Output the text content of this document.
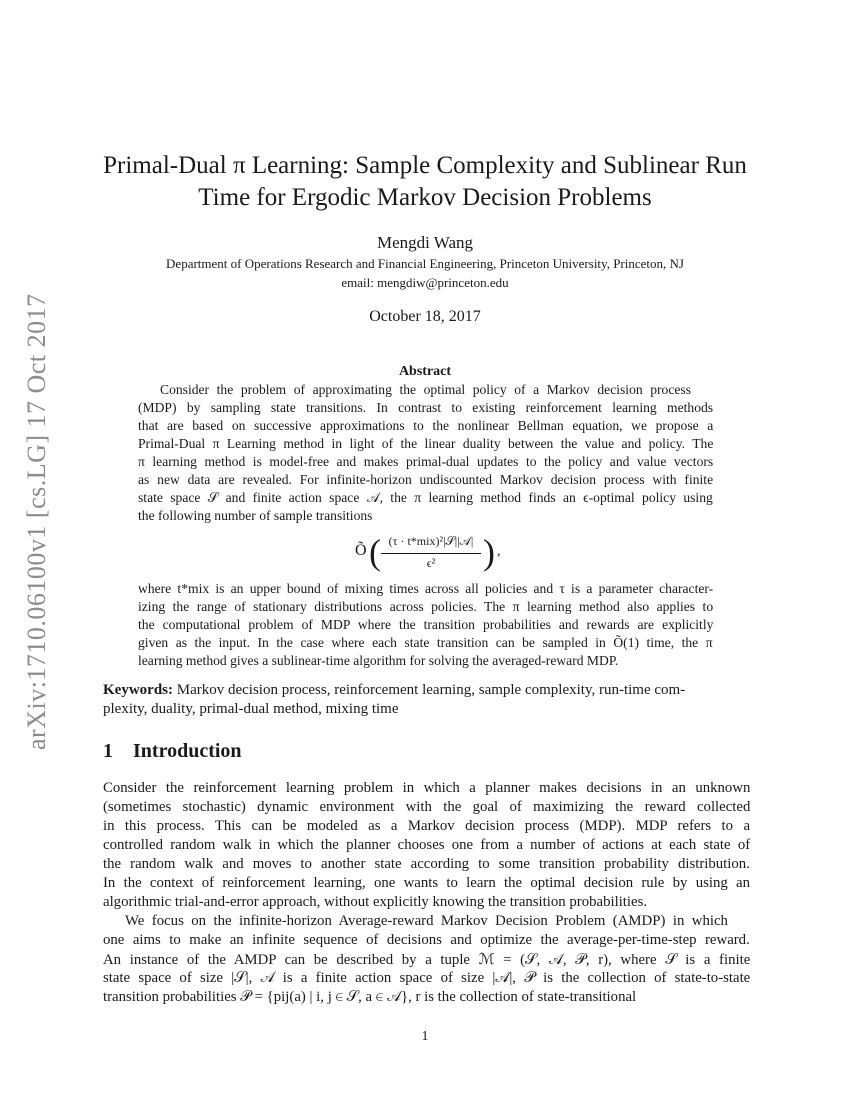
arXiv:1710.06100v1 [cs.LG] 17 Oct 2017
Primal-Dual π Learning: Sample Complexity and Sublinear Run
Time for Ergodic Markov Decision Problems
Mengdi Wang
Department of Operations Research and Financial Engineering, Princeton University, Princeton, NJ
email: mengdiw@princeton.edu
October 18, 2017
Abstract
Consider the problem of approximating the optimal policy of a Markov decision process
(MDP) by sampling state transitions. In contrast to existing reinforcement learning methods
that are based on successive approximations to the nonlinear Bellman equation, we propose a
Primal-Dual π Learning method in light of the linear duality between the value and policy. The
π learning method is model-free and makes primal-dual updates to the policy and value vectors
as new data are revealed. For infinite-horizon undiscounted Markov decision process with finite
state space 𝒮 and finite action space 𝒜, the π learning method finds an ϵ-optimal policy using
the following number of sample transitions
Õ ( (τ · t*mix)²|𝒮||𝒜|
ϵ²	) ,
where t*mix is an upper bound of mixing times across all policies and τ is a parameter character-
izing the range of stationary distributions across policies. The π learning method also applies to
the computational problem of MDP where the transition probabilities and rewards are explicitly
given as the input. In the case where each state transition can be sampled in Õ(1) time, the π
learning method gives a sublinear-time algorithm for solving the averaged-reward MDP.
Keywords: Markov decision process, reinforcement learning, sample complexity, run-time com-
plexity, duality, primal-dual method, mixing time
1 Introduction
Consider the reinforcement learning problem in which a planner makes decisions in an unknown
(sometimes stochastic) dynamic environment with the goal of maximizing the reward collected
in this process. This can be modeled as a Markov decision process (MDP). MDP refers to a
controlled random walk in which the planner chooses one from a number of actions at each state of
the random walk and moves to another state according to some transition probability distribution.
In the context of reinforcement learning, one wants to learn the optimal decision rule by using an
algorithmic trial-and-error approach, without explicitly knowing the transition probabilities.
We focus on the infinite-horizon Average-reward Markov Decision Problem (AMDP) in which
one aims to make an infinite sequence of decisions and optimize the average-per-time-step reward.
An instance of the AMDP can be described by a tuple ℳ = (𝒮, 𝒜, 𝒫, r), where 𝒮 is a finite
state space of size |𝒮|, 𝒜 is a finite action space of size |𝒜|, 𝒫 is the collection of state-to-state
transition probabilities 𝒫 = {pij(a) | i, j ∈ 𝒮, a ∈ 𝒜}, r is the collection of state-transitional
1
